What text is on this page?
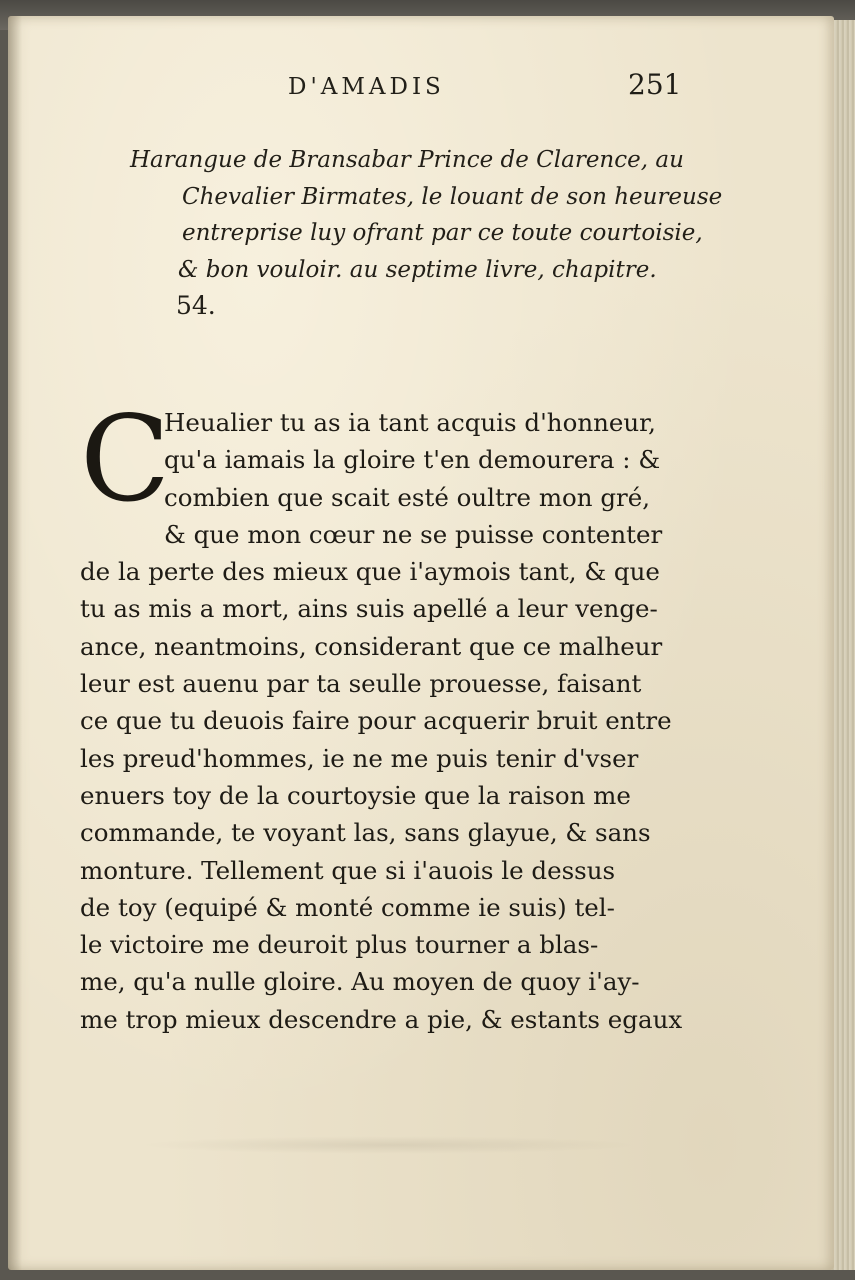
D'AMADIS	251
Harangue de Bransabar Prince de Clarence, au
Chevalier Birmates, le louant de son heureuse
entreprise luy ofrant par ce toute courtoisie,
& bon vouloir. au septime livre, chapitre.
54.
C
Heualier tu as ia tant acquis d'honneur,
qu'a iamais la gloire t'en demourera : &
combien que scait esté oultre mon gré,
& que mon cœur ne se puisse contenter
de la perte des mieux que i'aymois tant, & que
tu as mis a mort, ains suis apellé a leur venge-
ance, neantmoins, considerant que ce malheur
leur est auenu par ta seulle prouesse, faisant
ce que tu deuois faire pour acquerir bruit entre
les preud'hommes, ie ne me puis tenir d'vser
enuers toy de la courtoysie que la raison me
commande, te voyant las, sans glayue, & sans
monture. Tellement que si i'auois le dessus
de toy (equipé & monté comme ie suis) tel-
le victoire me deuroit plus tourner a blas-
me, qu'a nulle gloire. Au moyen de quoy i'ay-
me trop mieux descendre a pie, & estants egaux
